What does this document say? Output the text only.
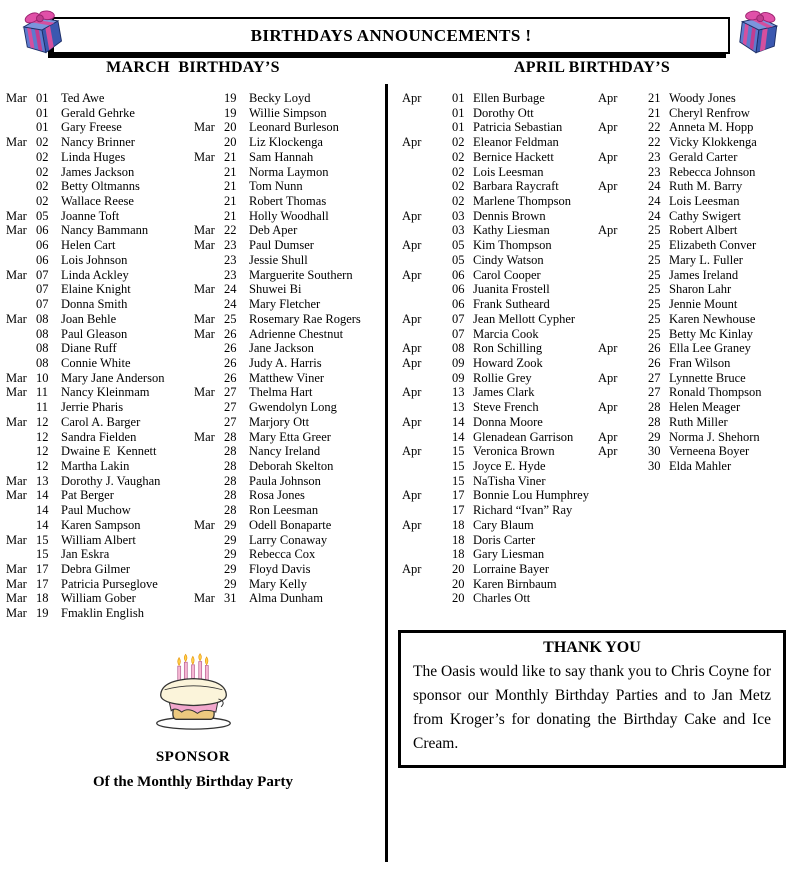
BIRTHDAYS ANNOUNCEMENTS !
MARCH  BIRTHDAY’S	APRIL BIRTHDAY’S
Mar 01	Ted Awe
01	Gerald Gehrke
01	Gary Freese
Mar 02	Nancy Brinner
02	Linda Huges
02	James Jackson
02	Betty Oltmanns
02	Wallace Reese
Mar 05	Joanne Toft
Mar 06	Nancy Bammann
06	Helen Cart
06	Lois Johnson
Mar 07	Linda Ackley
07	Elaine Knight
07	Donna Smith
Mar 08	Joan Behle
08	Paul Gleason
08	Diane Ruff
08	Connie White
Mar 10	Mary Jane Anderson
Mar 11	Nancy Kleinmam
11	Jerrie Pharis
Mar 12	Carol A. Barger
12	Sandra Fielden
12	Dwaine E  Kennett
12	Martha Lakin
Mar 13	Dorothy J. Vaughan
Mar 14	Pat Berger
14	Paul Muchow
14	Karen Sampson
Mar 15	William Albert
15	Jan Eskra
Mar 17	Debra Gilmer
Mar 17	Patricia Purseglove
Mar 18	William Gober
Mar 19	Fmaklin English
19	Becky Loyd
19	Willie Simpson
Mar 20	Leonard Burleson
20	Liz Klockenga
Mar 21	Sam Hannah
21	Norma Laymon
21	Tom Nunn
21	Robert Thomas
21	Holly Woodhall
Mar 22	Deb Aper
Mar 23	Paul Dumser
23	Jessie Shull
23	Marguerite Southern
Mar 24	Shuwei Bi
24	Mary Fletcher
Mar 25	Rosemary Rae Rogers
Mar 26	Adrienne Chestnut
26	Jane Jackson
26	Judy A. Harris
26	Matthew Viner
Mar 27	Thelma Hart
27	Gwendolyn Long
27	Marjory Ott
Mar 28	Mary Etta Greer
28	Nancy Ireland
28	Deborah Skelton
28	Paula Johnson
28	Rosa Jones
28	Ron Leesman
Mar 29	Odell Bonaparte
29	Larry Conaway
29	Rebecca Cox
29	Floyd Davis
29	Mary Kelly
Mar 31	Alma Dunham
Apr	01 Ellen Burbage
01 Dorothy Ott
01 Patricia Sebastian
Apr	02 Eleanor Feldman
02 Bernice Hackett
02 Lois Leesman
02 Barbara Raycraft
02 Marlene Thompson
Apr	03 Dennis Brown
03 Kathy Liesman
Apr	05 Kim Thompson
05 Cindy Watson
Apr	06 Carol Cooper
06 Juanita Frostell
06 Frank Sutheard
Apr	07 Jean Mellott Cypher
07 Marcia Cook
Apr	08 Ron Schilling
Apr	09 Howard Zook
09 Rollie Grey
Apr	13 James Clark
13 Steve French
Apr	14 Donna Moore
14 Glenadean Garrison
Apr	15 Veronica Brown
15 Joyce E. Hyde
15 NaTisha Viner
Apr	17 Bonnie Lou Humphrey
17 Richard “Ivan” Ray
Apr	18 Cary Blaum
18 Doris Carter
18 Gary Liesman
Apr	20 Lorraine Bayer
20 Karen Birnbaum
20 Charles Ott
Apr	21 Woody Jones
21 Cheryl Renfrow
Apr	22 Anneta M. Hopp
22 Vicky Klokkenga
Apr	23 Gerald Carter
23 Rebecca Johnson
Apr	24 Ruth M. Barry
24 Lois Leesman
24 Cathy Swigert
Apr	25 Robert Albert
25 Elizabeth Conver
25 Mary L. Fuller
25 James Ireland
25 Sharon Lahr
25 Jennie Mount
25 Karen Newhouse
25 Betty Mc Kinlay
Apr	26 Ella Lee Graney
26 Fran Wilson
Apr	27 Lynnette Bruce
27 Ronald Thompson
Apr	28 Helen Meager
28 Ruth Miller
Apr	29 Norma J. Shehorn
Apr	30 Verneena Boyer
30 Elda Mahler
SPONSOR
Of the Monthly Birthday Party
THANK YOU
The Oasis would like to say thank you to Chris Coyne for sponsor our Monthly Birthday Parties and to Jan Metz from Kroger’s for donating the Birthday Cake and Ice Cream.
